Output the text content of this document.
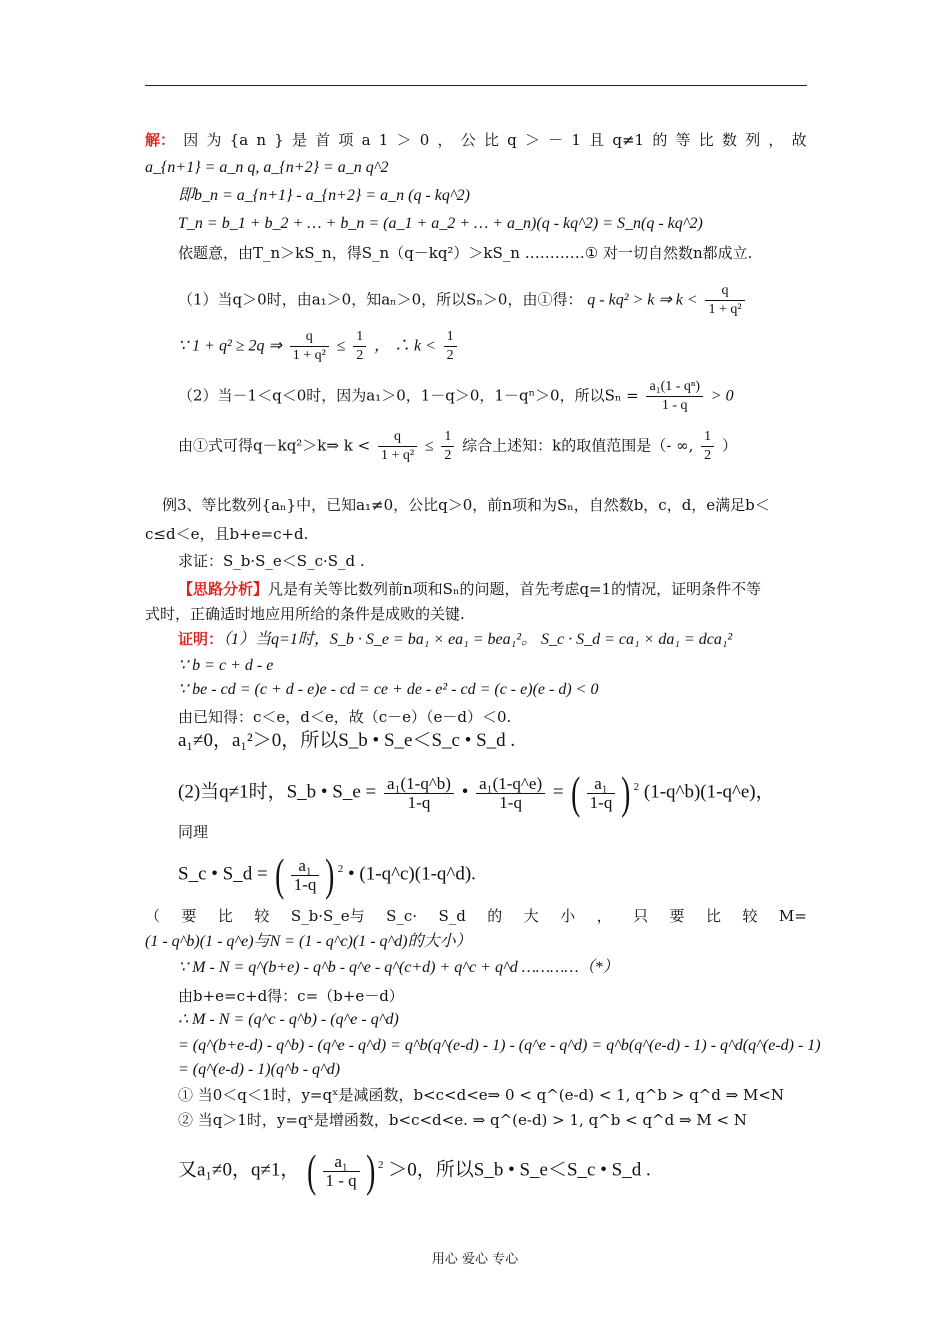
解： 因 为 {a n } 是 首 项 a 1 ＞ 0 ， 公 比 q ＞ － 1 且 q≠1 的 等 比 数 列 ， 故
a_{n+1} = a_n q, a_{n+2} = a_n q^2
即b_n = a_{n+1} - a_{n+2} = a_n (q - kq^2)
T_n = b_1 + b_2 + … + b_n = (a_1 + a_2 + … + a_n)(q - kq^2) = S_n(q - kq^2)
依题意，由T_n＞kS_n，得S_n（q－kq²）＞kS_n …………① 对一切自然数n都成立.
（1）当q＞0时，由a₁＞0，知aₙ＞0，所以Sₙ＞0，由①得： q - kq² > k ⇒ $k < \frac{q}{\text{1 + q²}}$
∵ 1 + q² ≥ 2q ⇒ $\frac{q}{\text{1 + q²}} \le \frac{1}{2}$ ， ∴ $k < \frac{1}{2}$
（2）当－1＜q＜0时，因为a₁＞0，1－q＞0，1－qⁿ＞0，所以$S_n = \frac{\text{a₁(1 - qⁿ)}}{1 - q} > 0$
由①式可得q－kq²＞k⇒ $k < \frac{q}{\text{1 + q²}} \le \frac{1}{2}$ 综合上述知：k的取值范围是（- ∞, $\frac{1}{2}$ ）
例3、等比数列{aₙ}中，已知a₁≠0，公比q＞0，前n项和为Sₙ，自然数b，c，d，e满足b＜
c≤d＜e，且b+e=c+d.
求证：S_b·S_e＜S_c·S_d .
【思路分析】凡是有关等比数列前n项和Sₙ的问题，首先考虑q=1的情况，证明条件不等
式时，正确适时地应用所给的条件是成败的关键.
证明：（1）当q=1时，S_b · S_e = ba₁ × ea₁ = bea₁²。 S_c · S_d = ca₁ × da₁ = dca₁²
∵ b = c + d - e
∵ be - cd = (c + d - e)e - cd = ce + de - e² - cd = (c - e)(e - d) < 0
由已知得：c＜e，d＜e，故（c－e）（e－d）＜0.
a₁≠0，a₁²＞0，所以S_b • S_e＜S_c • S_d .
(2)当q≠1时，S_b • S_e = $\frac{\text{a₁(1-q\textasciicircum{}b)}}{1-q}$ • $\frac{\text{a₁(1-q\textasciicircum{}e)}}{1-q}$ = ( $\frac{\text{a₁}}{1-q}$ ) $^2$ (1-q^b)(1-q^e)，
同理
S_c • S_d = ( $\frac{\text{a₁}}{1-q}$ ) $^2$ • (1-q^c)(1-q^d).
（ 要 比 较 S_b·S_e与 S_c· S_d 的 大 小 ， 只 要 比 较 M=
(1 - q^b)(1 - q^e)与N = (1 - q^c)(1 - q^d)的大小）
∵ M - N = q^(b+e) - q^b - q^e - q^(c+d) + q^c + q^d …………（*）
由b+e=c+d得：c=（b+e－d）
∴ M - N = (q^c - q^b) - (q^e - q^d)
= (q^(b+e-d) - q^b) - (q^e - q^d) = q^b(q^(e-d) - 1) - (q^e - q^d) = q^b(q^(e-d) - 1) - q^d(q^(e-d) - 1)
= (q^(e-d) - 1)(q^b - q^d)
① 当0＜q＜1时，y=qˣ是减函数，b<c<d<e⇒ 0 < q^(e-d) < 1, q^b > q^d ⇒ M<N
② 当q＞1时，y=qˣ是增函数，b<c<d<e. ⇒ q^(e-d) > 1, q^b < q^d ⇒ M < N
又a₁≠0，q≠1， ( $\frac{\text{a₁}}{1 - q}$ ) $^2$ ＞0，所以S_b • S_e＜S_c • S_d .
用心 爱心 专心
